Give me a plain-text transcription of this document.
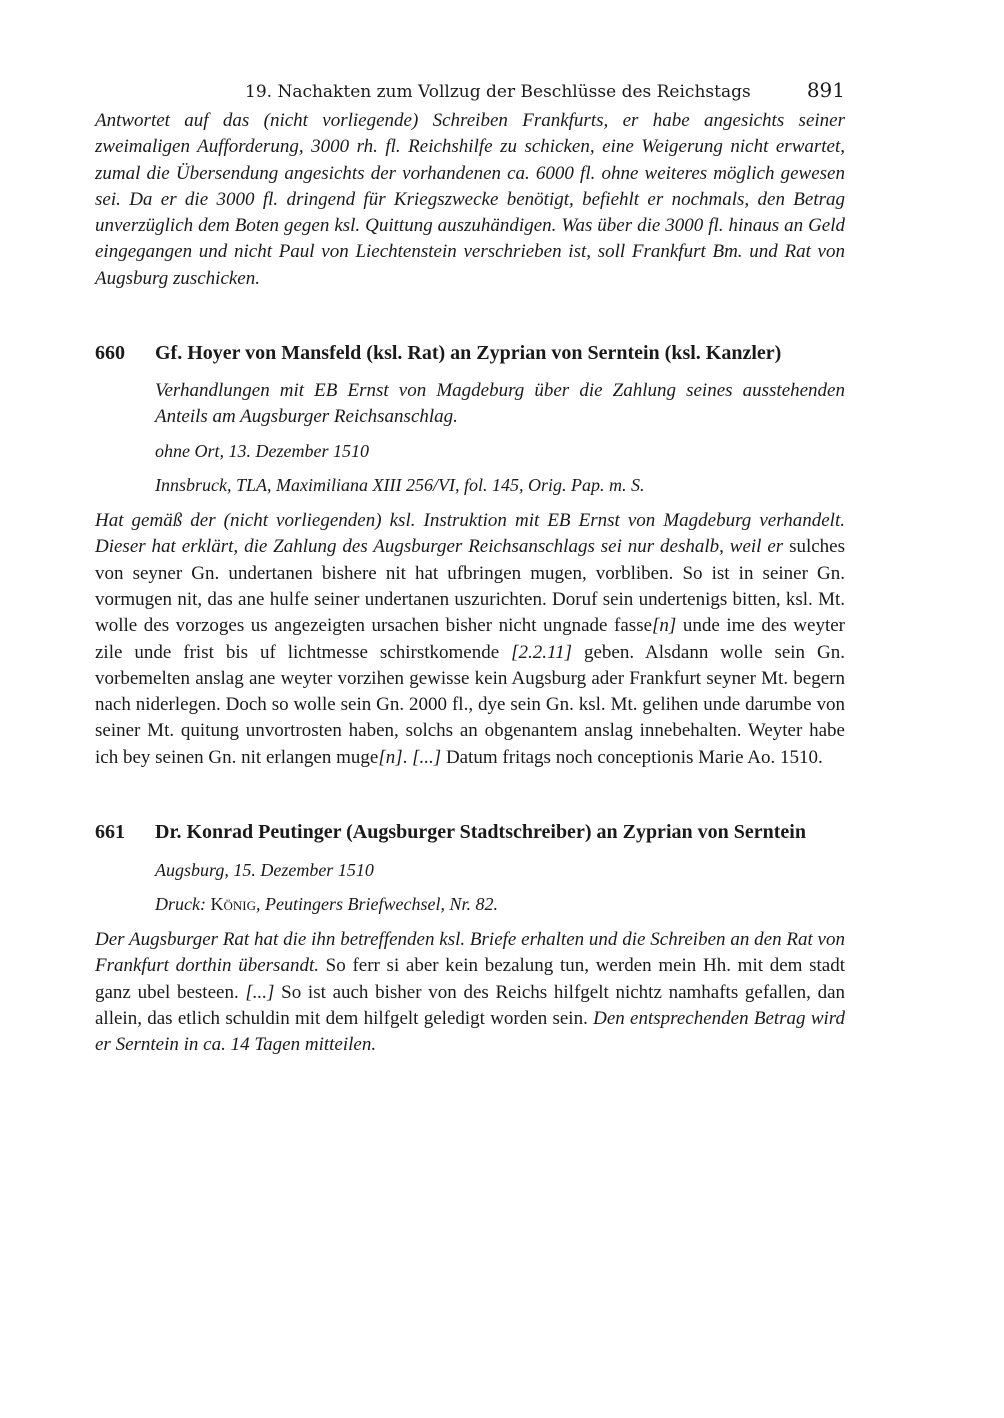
19. Nachakten zum Vollzug der Beschlüsse des Reichstags	891

Antwortet auf das (nicht vorliegende) Schreiben Frankfurts, er habe angesichts seiner zweimaligen Aufforderung, 3000 rh. fl. Reichshilfe zu schicken, eine Weigerung nicht erwartet, zumal die Übersendung angesichts der vorhandenen ca. 6000 fl. ohne weiteres möglich gewesen sei. Da er die 3000 fl. dringend für Kriegszwecke benötigt, befiehlt er nochmals, den Betrag unverzüglich dem Boten gegen ksl. Quittung auszuhändigen. Was über die 3000 fl. hinaus an Geld eingegangen und nicht Paul von Liechtenstein verschrieben ist, soll Frankfurt Bm. und Rat von Augsburg zuschicken.

660	Gf. Hoyer von Mansfeld (ksl. Rat) an Zyprian von Serntein (ksl. Kanzler)

Verhandlungen mit EB Ernst von Magdeburg über die Zahlung seines ausstehenden Anteils am Augsburger Reichsanschlag.

ohne Ort, 13. Dezember 1510

Innsbruck, TLA, Maximiliana XIII 256/VI, fol. 145, Orig. Pap. m. S.

Hat gemäß der (nicht vorliegenden) ksl. Instruktion mit EB Ernst von Magdeburg verhandelt. Dieser hat erklärt, die Zahlung des Augsburger Reichsanschlags sei nur deshalb, weil er sulches von seyner Gn. undertanen bishere nit hat ufbringen mugen, vorbliben. So ist in seiner Gn. vormugen nit, das ane hulfe seiner undertanen uszurichten. Doruf sein undertenigs bitten, ksl. Mt. wolle des vorzoges us angezeigten ursachen bisher nicht ungnade fasse[n] unde ime des weyter zile unde frist bis uf lichtmesse schirstkomende [2.2.11] geben. Alsdann wolle sein Gn. vorbemelten anslag ane weyter vorzihen gewisse kein Augsburg ader Frankfurt seyner Mt. begern nach niderlegen. Doch so wolle sein Gn. 2000 fl., dye sein Gn. ksl. Mt. gelihen unde darumbe von seiner Mt. quitung unvortrosten haben, solchs an obgenantem anslag innebehalten. Weyter habe ich bey seinen Gn. nit erlangen muge[n]. [...] Datum fritags noch conceptionis Marie Ao. 1510.

661	Dr. Konrad Peutinger (Augsburger Stadtschreiber) an Zyprian von Serntein

Augsburg, 15. Dezember 1510

Druck: König, Peutingers Briefwechsel, Nr. 82.

Der Augsburger Rat hat die ihn betreffenden ksl. Briefe erhalten und die Schreiben an den Rat von Frankfurt dorthin übersandt. So ferr si aber kein bezalung tun, werden mein Hh. mit dem stadt ganz ubel besteen. [...] So ist auch bisher von des Reichs hilfgelt nichtz namhafts gefallen, dan allein, das etlich schuldin mit dem hilfgelt geledigt worden sein. Den entsprechenden Betrag wird er Serntein in ca. 14 Tagen mitteilen.
